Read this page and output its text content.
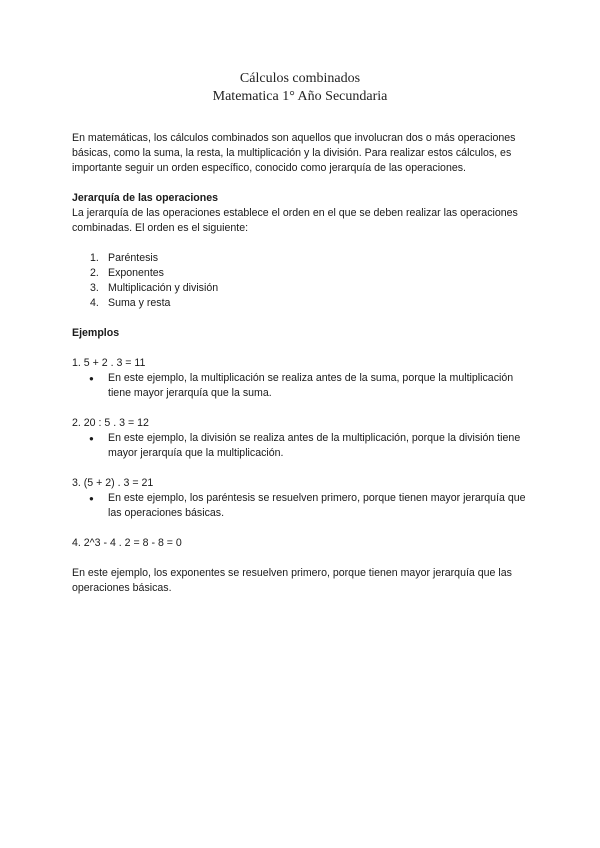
Cálculos combinados
Matematica 1° Año Secundaria

En matemáticas, los cálculos combinados son aquellos que involucran dos o más operaciones básicas, como la suma, la resta, la multiplicación y la división. Para realizar estos cálculos, es importante seguir un orden específico, conocido como jerarquía de las operaciones.

Jerarquía de las operaciones

La jerarquía de las operaciones establece el orden en el que se deben realizar las operaciones combinadas. El orden es el siguiente:

1. Paréntesis
2. Exponentes
3. Multiplicación y división
4. Suma y resta

Ejemplos

1. 5 + 2 . 3 = 11

● En este ejemplo, la multiplicación se realiza antes de la suma, porque la multiplicación tiene mayor jerarquía que la suma.

2. 20 : 5 . 3 = 12

● En este ejemplo, la división se realiza antes de la multiplicación, porque la división tiene mayor jerarquía que la multiplicación.

3. (5 + 2) . 3 = 21

● En este ejemplo, los paréntesis se resuelven primero, porque tienen mayor jerarquía que las operaciones básicas.

4. 2^3 - 4 . 2 = 8 - 8 = 0

En este ejemplo, los exponentes se resuelven primero, porque tienen mayor jerarquía que las operaciones básicas.
